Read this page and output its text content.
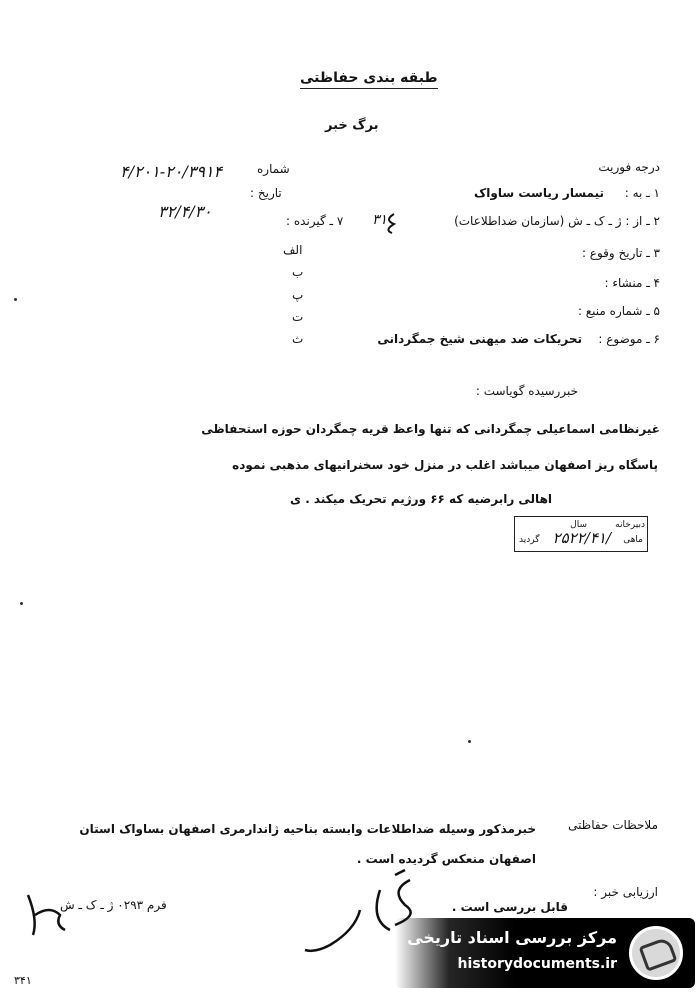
طبقه بندی حفاظتی
برگ خبر
درجه فوریت
شماره
۴/۲۰۱-۲۰/۳۹۱۴
تاریخ :
۳۲/۴/۳۰
۱ ـ به :
تیمسار ریاست ساواک
۲ ـ از : ژ ـ ک ـ ش (سازمان ضداطلاعات)
۳۱
۷ ـ گیرنده :
۳ ـ تاریخ وقوع :
۴ ـ منشاء :
۵ ـ شماره منبع :
۶ ـ موضوع :
تحریکات ضد میهنی شیخ جمگردانی
الف
ب
پ
ت
ث
خبررسیده گویاست :
غیرنظامی اسماعیلی چمگردانی که تنها واعظ قریه چمگردان حوزه استحفاظی
پاسگاه ریز اصفهان میباشد اغلب در منزل خود سخنرانیهای مذهبی نموده
اهالی رابرضیه که ۶۶ ورژیم تحریک میکند . ی
دبیرخانه
ماهی
سال
۲۵۲۲/۴۱/
گردید
ملاحظات حفاظتی
خبرمذکور وسیله ضداطلاعات وابسته بناحیه ژاندارمری اصفهان بساواک استان
اصفهان منعکس گردیده است .
ارزیابی خبر :
قابل بررسی است .
فرم ۰۲۹۳ ژ ـ ک ـ ش
۳۴۱
مرکز بررسی اسناد تاریخی
historydocuments.ir
